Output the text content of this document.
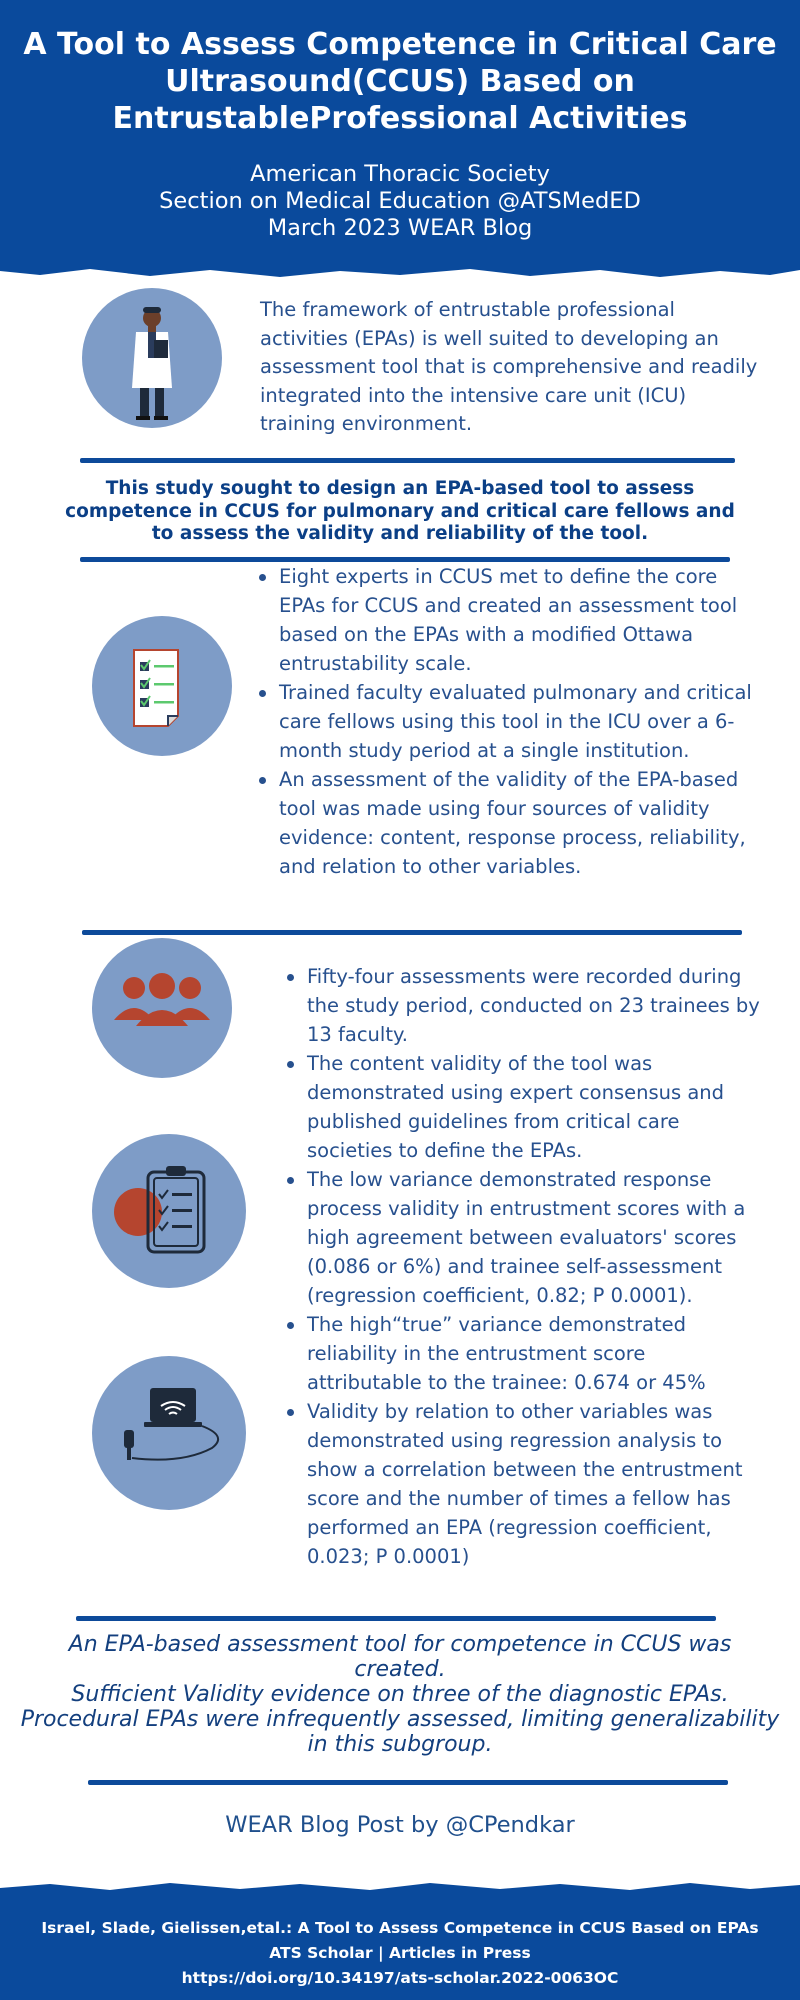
A Tool to Assess Competence in Critical Care Ultrasound(CCUS) Based on EntrustableProfessional Activities
American Thoracic Society
Section on Medical Education @ATSMedED
March 2023 WEAR Blog
The framework of entrustable professional activities (EPAs) is well suited to developing an assessment tool that is comprehensive and readily integrated into the intensive care unit (ICU) training environment.
This study sought to design an EPA-based tool to assess competence in CCUS for pulmonary and critical care fellows and to assess the validity and reliability of the tool.
Eight experts in CCUS met to define the core EPAs for CCUS and created an assessment tool based on the EPAs with a modified Ottawa entrustability scale.
Trained faculty evaluated pulmonary and critical care fellows using this tool in the ICU over a 6-month study period at a single institution.
An assessment of the validity of the EPA-based tool was made using four sources of validity evidence: content, response process, reliability, and relation to other variables.
Fifty-four assessments were recorded during the study period, conducted on 23 trainees by 13 faculty.
The content validity of the tool was demonstrated using expert consensus and published guidelines from critical care societies to define the EPAs.
The low variance demonstrated response process validity in entrustment scores with a high agreement between evaluators' scores (0.086 or 6%) and trainee self-assessment (regression coefficient, 0.82; P 0.0001).
The high“true” variance demonstrated reliability in the entrustment score attributable to the trainee: 0.674 or 45%
Validity by relation to other variables was demonstrated using regression analysis to show a correlation between the entrustment score and the number of times a fellow has performed an EPA (regression coefficient, 0.023; P 0.0001)
An EPA-based assessment tool for competence in CCUS was created.
Sufficient Validity evidence on three of the diagnostic EPAs. Procedural EPAs were infrequently assessed, limiting generalizability in this subgroup.
WEAR Blog Post by @CPendkar
Israel, Slade, Gielissen,etal.: A Tool to Assess Competence in CCUS Based on EPAs
ATS Scholar | Articles in Press
https://doi.org/10.34197/ats-scholar.2022-0063OC
